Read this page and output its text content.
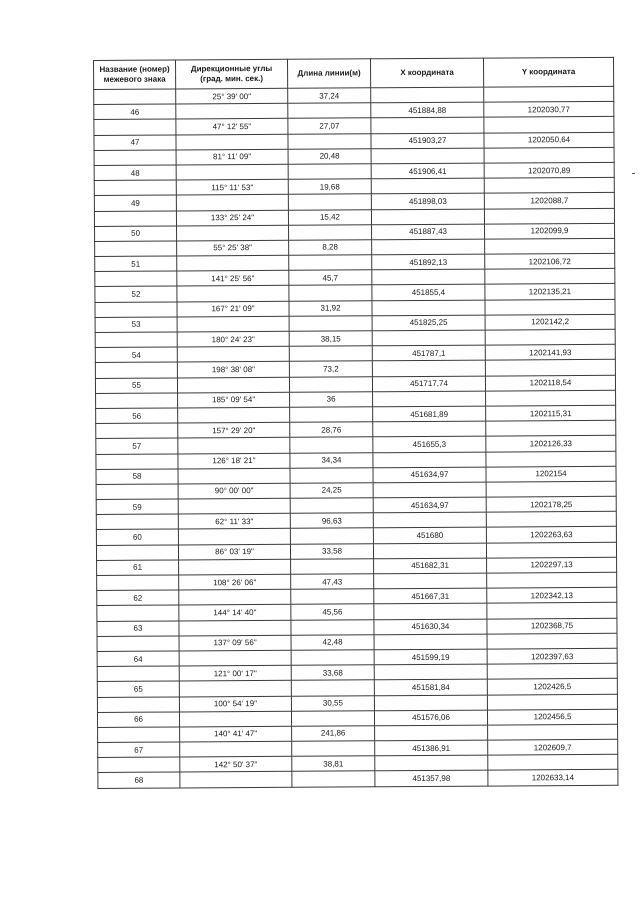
Название (номер)
межевого знака	Дирекционные углы
(град. мин. сек.)	Длина линии(м)	X координата	Y координата
	25° 39' 00"	37,24		
46			451884,88	1202030,77
	47° 12' 55"	27,07		
47			451903,27	1202050,64
	81° 11' 09"	20,48		
48			451906,41	1202070,89
	115° 11' 53"	19,68		
49			451898,03	1202088,7
	133° 25' 24"	15,42		
50			451887,43	1202099,9
	55° 25' 38"	8,28		
51			451892,13	1202106,72
	141° 25' 56"	45,7		
52			451855,4	1202135,21
	167° 21' 09"	31,92		
53			451825,25	1202142,2
	180° 24' 23"	38,15		
54			451787,1	1202141,93
	198° 38' 08"	73,2		
55			451717,74	1202118,54
	185° 09' 54"	36		
56			451681,89	1202115,31
	157° 29' 20"	28,76		
57			451655,3	1202126,33
	126° 18' 21"	34,34		
58			451634,97	1202154
	90° 00' 00"	24,25		
59			451634,97	1202178,25
	62° 11' 33"	96,63		
60			451680	1202263,63
	86° 03' 19"	33,58		
61			451682,31	1202297,13
	108° 26' 06"	47,43		
62			451667,31	1202342,13
	144° 14' 40"	45,56		
63			451630,34	1202368,75
	137° 09' 56"	42,48		
64			451599,19	1202397,63
	121° 00' 17"	33,68		
65			451581,84	1202426,5
	100° 54' 19"	30,55		
66			451576,06	1202456,5
	140° 41' 47"	241,86		
67			451386,91	1202609,7
	142° 50' 37"	38,81		
68			451357,98	1202633,14
